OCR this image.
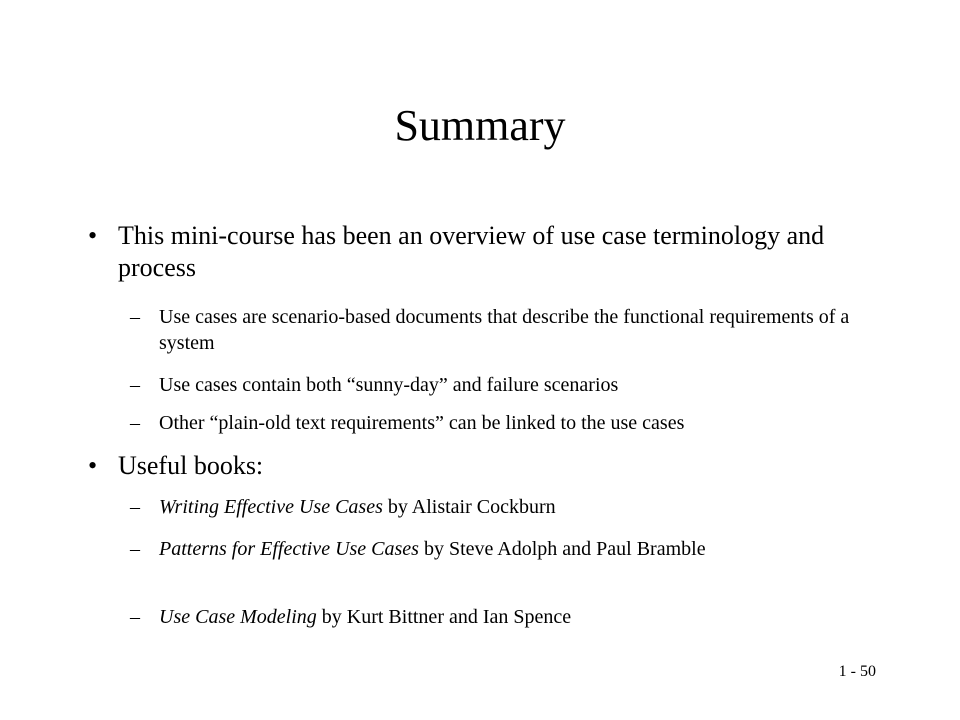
Summary
• This mini-course has been an overview of use case terminology and process
– Use cases are scenario-based documents that describe the functional requirements of a system
– Use cases contain both “sunny-day” and failure scenarios
– Other “plain-old text requirements” can be linked to the use cases
• Useful books:
– Writing Effective Use Cases by Alistair Cockburn
– Patterns for Effective Use Cases by Steve Adolph and Paul Bramble
– Use Case Modeling by Kurt Bittner and Ian Spence
1 - 50
